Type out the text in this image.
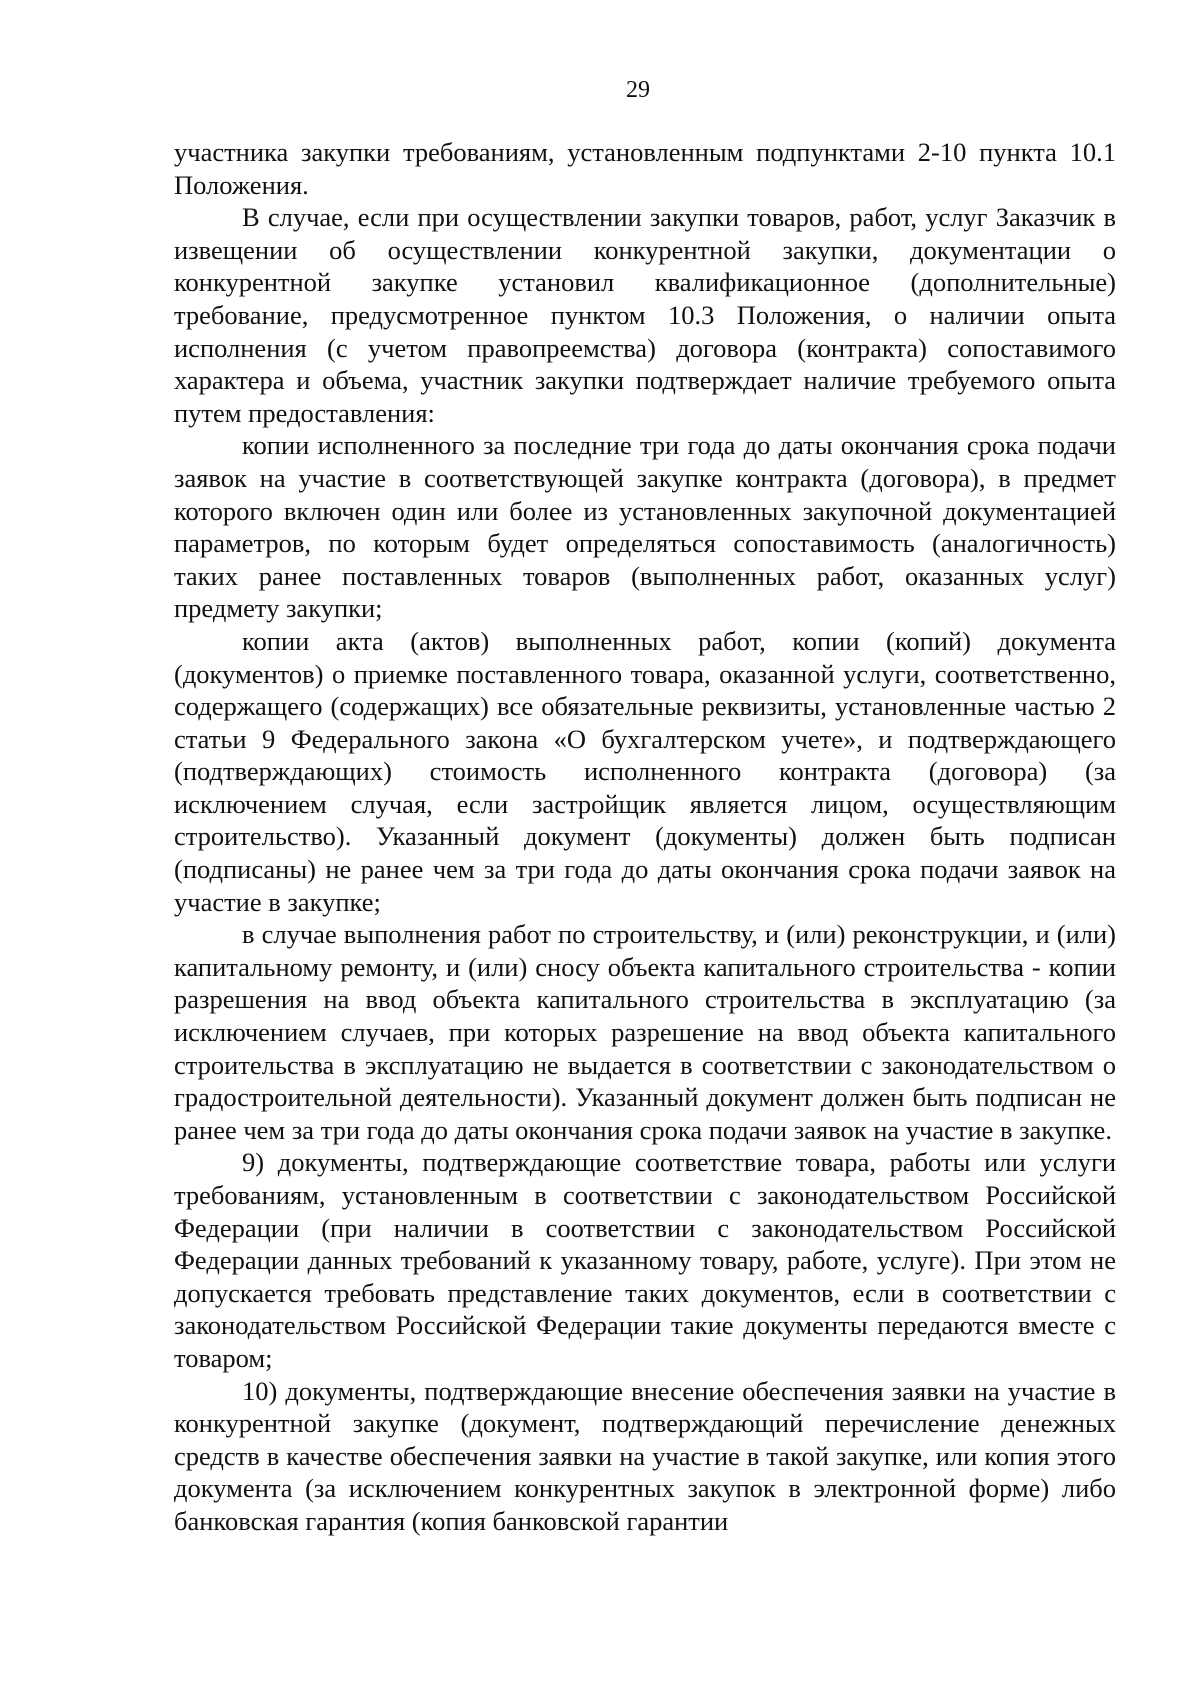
29

участника закупки требованиям, установленным подпунктами 2-10 пункта 10.1 Положения.

В случае, если при осуществлении закупки товаров, работ, услуг Заказчик в извещении об осуществлении конкурентной закупки, документации о конкурентной закупке установил квалификационное (дополнительные) требование, предусмотренное пунктом 10.3 Положения, о наличии опыта исполнения (с учетом правопреемства) договора (контракта) сопоставимого характера и объема, участник закупки подтверждает наличие требуемого опыта путем предоставления:

копии исполненного за последние три года до даты окончания срока подачи заявок на участие в соответствующей закупке контракта (договора), в предмет которого включен один или более из установленных закупочной документацией параметров, по которым будет определяться сопоставимость (аналогичность) таких ранее поставленных товаров (выполненных работ, оказанных услуг) предмету закупки;

копии акта (актов) выполненных работ, копии (копий) документа (документов) о приемке поставленного товара, оказанной услуги, соответственно, содержащего (содержащих) все обязательные реквизиты, установленные частью 2 статьи 9 Федерального закона «О бухгалтерском учете», и подтверждающего (подтверждающих) стоимость исполненного контракта (договора) (за исключением случая, если застройщик является лицом, осуществляющим строительство). Указанный документ (документы) должен быть подписан (подписаны) не ранее чем за три года до даты окончания срока подачи заявок на участие в закупке;

в случае выполнения работ по строительству, и (или) реконструкции, и (или) капитальному ремонту, и (или) сносу объекта капитального строительства - копии разрешения на ввод объекта капитального строительства в эксплуатацию (за исключением случаев, при которых разрешение на ввод объекта капитального строительства в эксплуатацию не выдается в соответствии с законодательством о градостроительной деятельности). Указанный документ должен быть подписан не ранее чем за три года до даты окончания срока подачи заявок на участие в закупке.

9) документы, подтверждающие соответствие товара, работы или услуги требованиям, установленным в соответствии с законодательством Российской Федерации (при наличии в соответствии с законодательством Российской Федерации данных требований к указанному товару, работе, услуге). При этом не допускается требовать представление таких документов, если в соответствии с законодательством Российской Федерации такие документы передаются вместе с товаром;

10) документы, подтверждающие внесение обеспечения заявки на участие в конкурентной закупке (документ, подтверждающий перечисление денежных средств в качестве обеспечения заявки на участие в такой закупке, или копия этого документа (за исключением конкурентных закупок в электронной форме) либо банковская гарантия (копия банковской гарантии
